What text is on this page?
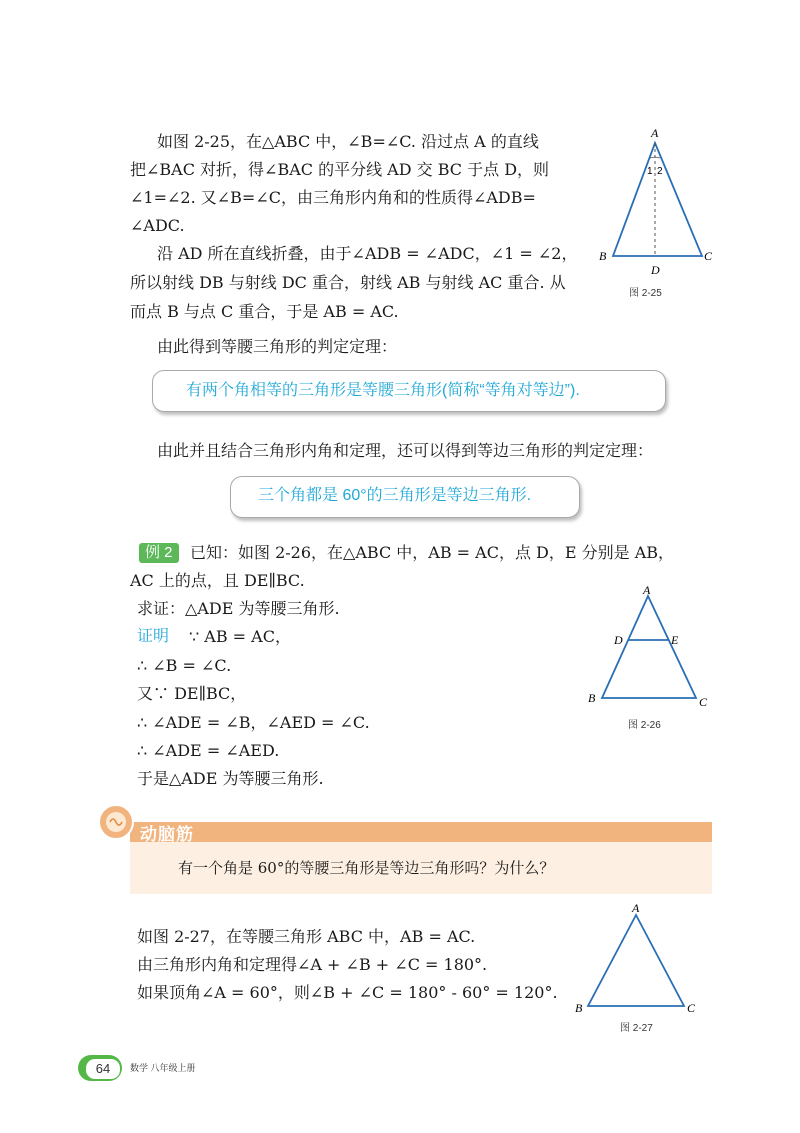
如图 2-25，在△ABC 中，∠B=∠C. 沿过点 A 的直线
把∠BAC 对折，得∠BAC 的平分线 AD 交 BC 于点 D，则
∠1=∠2. 又∠B=∠C，由三角形内角和的性质得∠ADB=
∠ADC.
沿 AD 所在直线折叠，由于∠ADB = ∠ADC，∠1 = ∠2，
所以射线 DB 与射线 DC 重合，射线 AB 与射线 AC 重合. 从
而点 B 与点 C 重合，于是 AB = AC.
由此得到等腰三角形的判定定理：
A
1 2
B	C
D
图 2-25
有两个角相等的三角形是等腰三角形(简称“等角对等边”).
由此并且结合三角形内角和定理，还可以得到等边三角形的判定定理：
三个角都是 60°的三角形是等边三角形.
例 2	已知：如图 2-26，在△ABC 中，AB = AC，点 D，E 分别是 AB，
AC 上的点，且 DE∥BC.
求证：△ADE 为等腰三角形.
证明 ∵ AB = AC，
∴ ∠B = ∠C.
又∵ DE∥BC，
∴ ∠ADE = ∠B，∠AED = ∠C.
∴ ∠ADE = ∠AED.
于是△ADE 为等腰三角形.
A
D	E
B	C
图 2-26
动脑筋
有一个角是 60°的等腰三角形是等边三角形吗？为什么？
如图 2-27，在等腰三角形 ABC 中，AB = AC.
由三角形内角和定理得∠A + ∠B + ∠C = 180°.
如果顶角∠A = 60°，则∠B + ∠C = 180° - 60° = 120°.
A
B	C
图 2-27
64	数学 八年级上册
